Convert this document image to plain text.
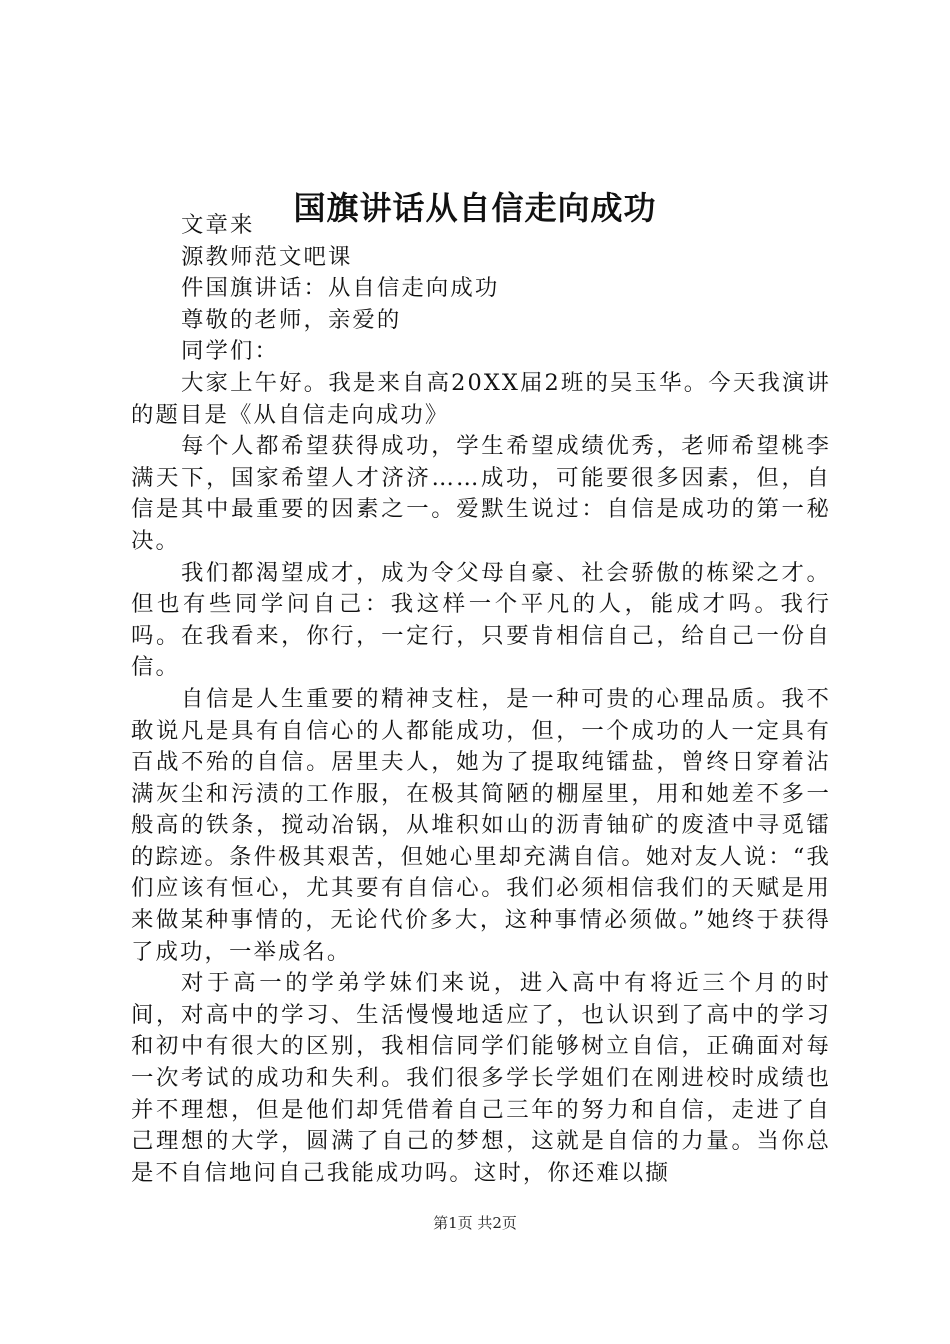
国旗讲话从自信走向成功

文章来

源教师范文吧课

件国旗讲话：从自信走向成功

尊敬的老师，亲爱的

同学们：

大家上午好。我是来自高20XX届2班的吴玉华。今天我演讲的题目是《从自信走向成功》

每个人都希望获得成功，学生希望成绩优秀，老师希望桃李满天下，国家希望人才济济……成功，可能要很多因素，但，自信是其中最重要的因素之一。爱默生说过：自信是成功的第一秘决。

我们都渴望成才，成为令父母自豪、社会骄傲的栋梁之才。但也有些同学问自己：我这样一个平凡的人，能成才吗。我行吗。在我看来，你行，一定行，只要肯相信自己，给自己一份自信。

自信是人生重要的精神支柱，是一种可贵的心理品质。我不敢说凡是具有自信心的人都能成功，但，一个成功的人一定具有百战不殆的自信。居里夫人，她为了提取纯镭盐，曾终日穿着沾满灰尘和污渍的工作服，在极其简陋的棚屋里，用和她差不多一般高的铁条，搅动冶锅，从堆积如山的沥青铀矿的废渣中寻觅镭的踪迹。条件极其艰苦，但她心里却充满自信。她对友人说：“我们应该有恒心，尤其要有自信心。我们必须相信我们的天赋是用来做某种事情的，无论代价多大，这种事情必须做。”她终于获得了成功，一举成名。

对于高一的学弟学妹们来说，进入高中有将近三个月的时间，对高中的学习、生活慢慢地适应了，也认识到了高中的学习和初中有很大的区别，我相信同学们能够树立自信，正确面对每一次考试的成功和失利。我们很多学长学姐们在刚进校时成绩也并不理想，但是他们却凭借着自己三年的努力和自信，走进了自己理想的大学，圆满了自己的梦想，这就是自信的力量。当你总是不自信地问自己我能成功吗。这时，你还难以撷

第1页 共2页
